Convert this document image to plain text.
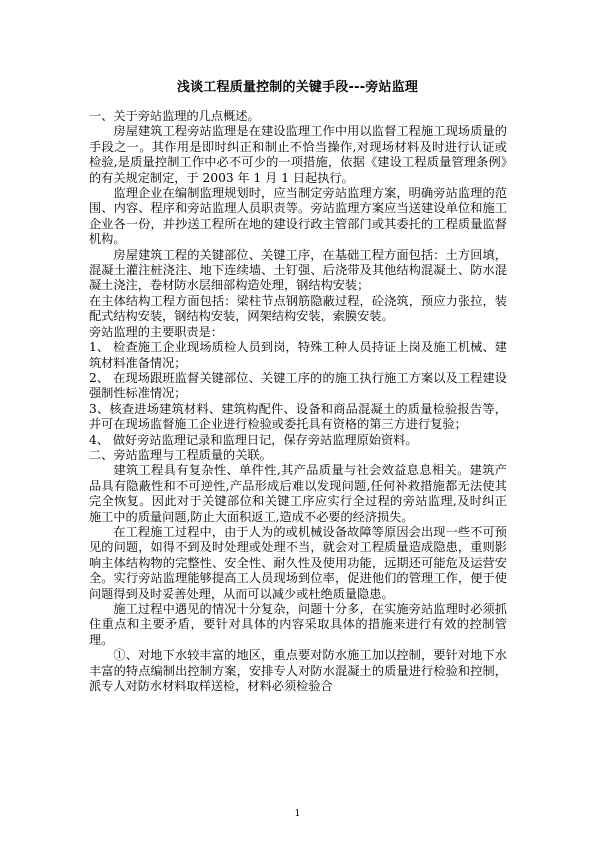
浅谈工程质量控制的关键手段---旁站监理

一、关于旁站监理的几点概述。

房屋建筑工程旁站监理是在建设监理工作中用以监督工程施工现场质量的手段之一。其作用是即时纠正和制止不恰当操作,对现场材料及时进行认证或检验,是质量控制工作中必不可少的一项措施，依据《建设工程质量管理条例》的有关规定制定，于 2003 年 1 月 1 日起执行。

监理企业在编制监理规划时，应当制定旁站监理方案，明确旁站监理的范围、内容、程序和旁站监理人员职责等。旁站监理方案应当送建设单位和施工企业各一份，并抄送工程所在地的建设行政主管部门或其委托的工程质量监督机构。

房屋建筑工程的关键部位、关键工序，在基础工程方面包括：土方回填，混凝土灌注桩浇注、地下连续墙、土钉强、后浇带及其他结构混凝土、防水混凝土浇注，卷材防水层细部构造处理，钢结构安装；

在主体结构工程方面包括：梁柱节点钢筋隐蔽过程，砼浇筑，预应力张拉，装配式结构安装，钢结构安装，网架结构安装，索膜安装。

旁站监理的主要职责是：

1、 检查施工企业现场质检人员到岗，特殊工种人员持证上岗及施工机械、建筑材料准备情况；

2、 在现场跟班监督关键部位、关键工序的的施工执行施工方案以及工程建设强制性标准情况；

3、核查进场建筑材料、建筑构配件、设备和商品混凝土的质量检验报告等，并可在现场监督施工企业进行检验或委托具有资格的第三方进行复验；

4、 做好旁站监理记录和监理日记，保存旁站监理原始资料。

二、旁站监理与工程质量的关联。

建筑工程具有复杂性、单件性,其产品质量与社会效益息息相关。建筑产品具有隐蔽性和不可逆性,产品形成后难以发现问题,任何补救措施都无法使其完全恢复。因此对于关键部位和关键工序应实行全过程的旁站监理,及时纠正施工中的质量问题,防止大面积返工,造成不必要的经济损失。

在工程施工过程中，由于人为的或机械设备故障等原因会出现一些不可预见的问题，如得不到及时处理或处理不当，就会对工程质量造成隐患，重则影响主体结构物的完整性、安全性、耐久性及使用功能，远期还可能危及运营安全。实行旁站监理能够提高工人员现场到位率，促进他们的管理工作，便于使问题得到及时妥善处理，从而可以减少或杜绝质量隐患。

施工过程中遇见的情况十分复杂，问题十分多，在实施旁站监理时必须抓住重点和主要矛盾，要针对具体的内容采取具体的措施来进行有效的控制管理。

①、对地下水较丰富的地区，重点要对防水施工加以控制，要针对地下水丰富的特点编制出控制方案，安排专人对防水混凝土的质量进行检验和控制，派专人对防水材料取样送检，材料必须检验合

1
